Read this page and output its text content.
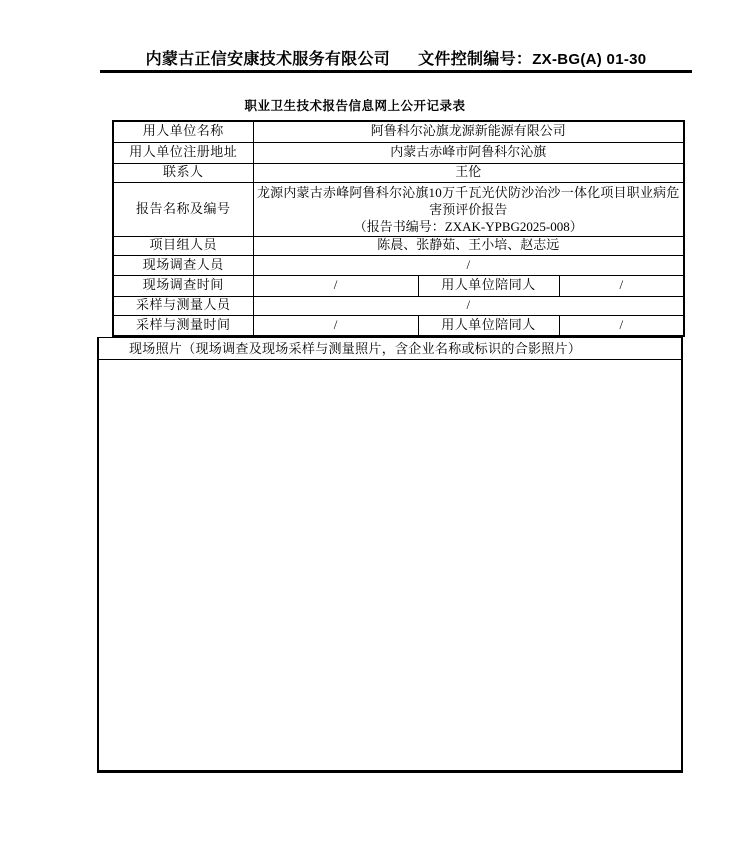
内蒙古正信安康技术服务有限公司 文件控制编号：ZX-BG(A) 01-30
职业卫生技术报告信息网上公开记录表
用人单位名称	阿鲁科尔沁旗龙源新能源有限公司		
用人单位注册地址	内蒙古赤峰市阿鲁科尔沁旗		
联系人	王伦		
报告名称及编号	龙源内蒙古赤峰阿鲁科尔沁旗10万千瓦光伏防沙治沙一体化项目职业病危
害预评价报告
（报告书编号：ZXAK-YPBG2025-008）		

项目组人员	陈晨、张静茹、王小培、赵志远		
现场调查人员	/		
现场调查时间	/	用人单位陪同人	/
采样与测量人员	/		
采样与测量时间	/	用人单位陪同人	/
现场照片（现场调查及现场采样与测量照片，含企业名称或标识的合影照片）
